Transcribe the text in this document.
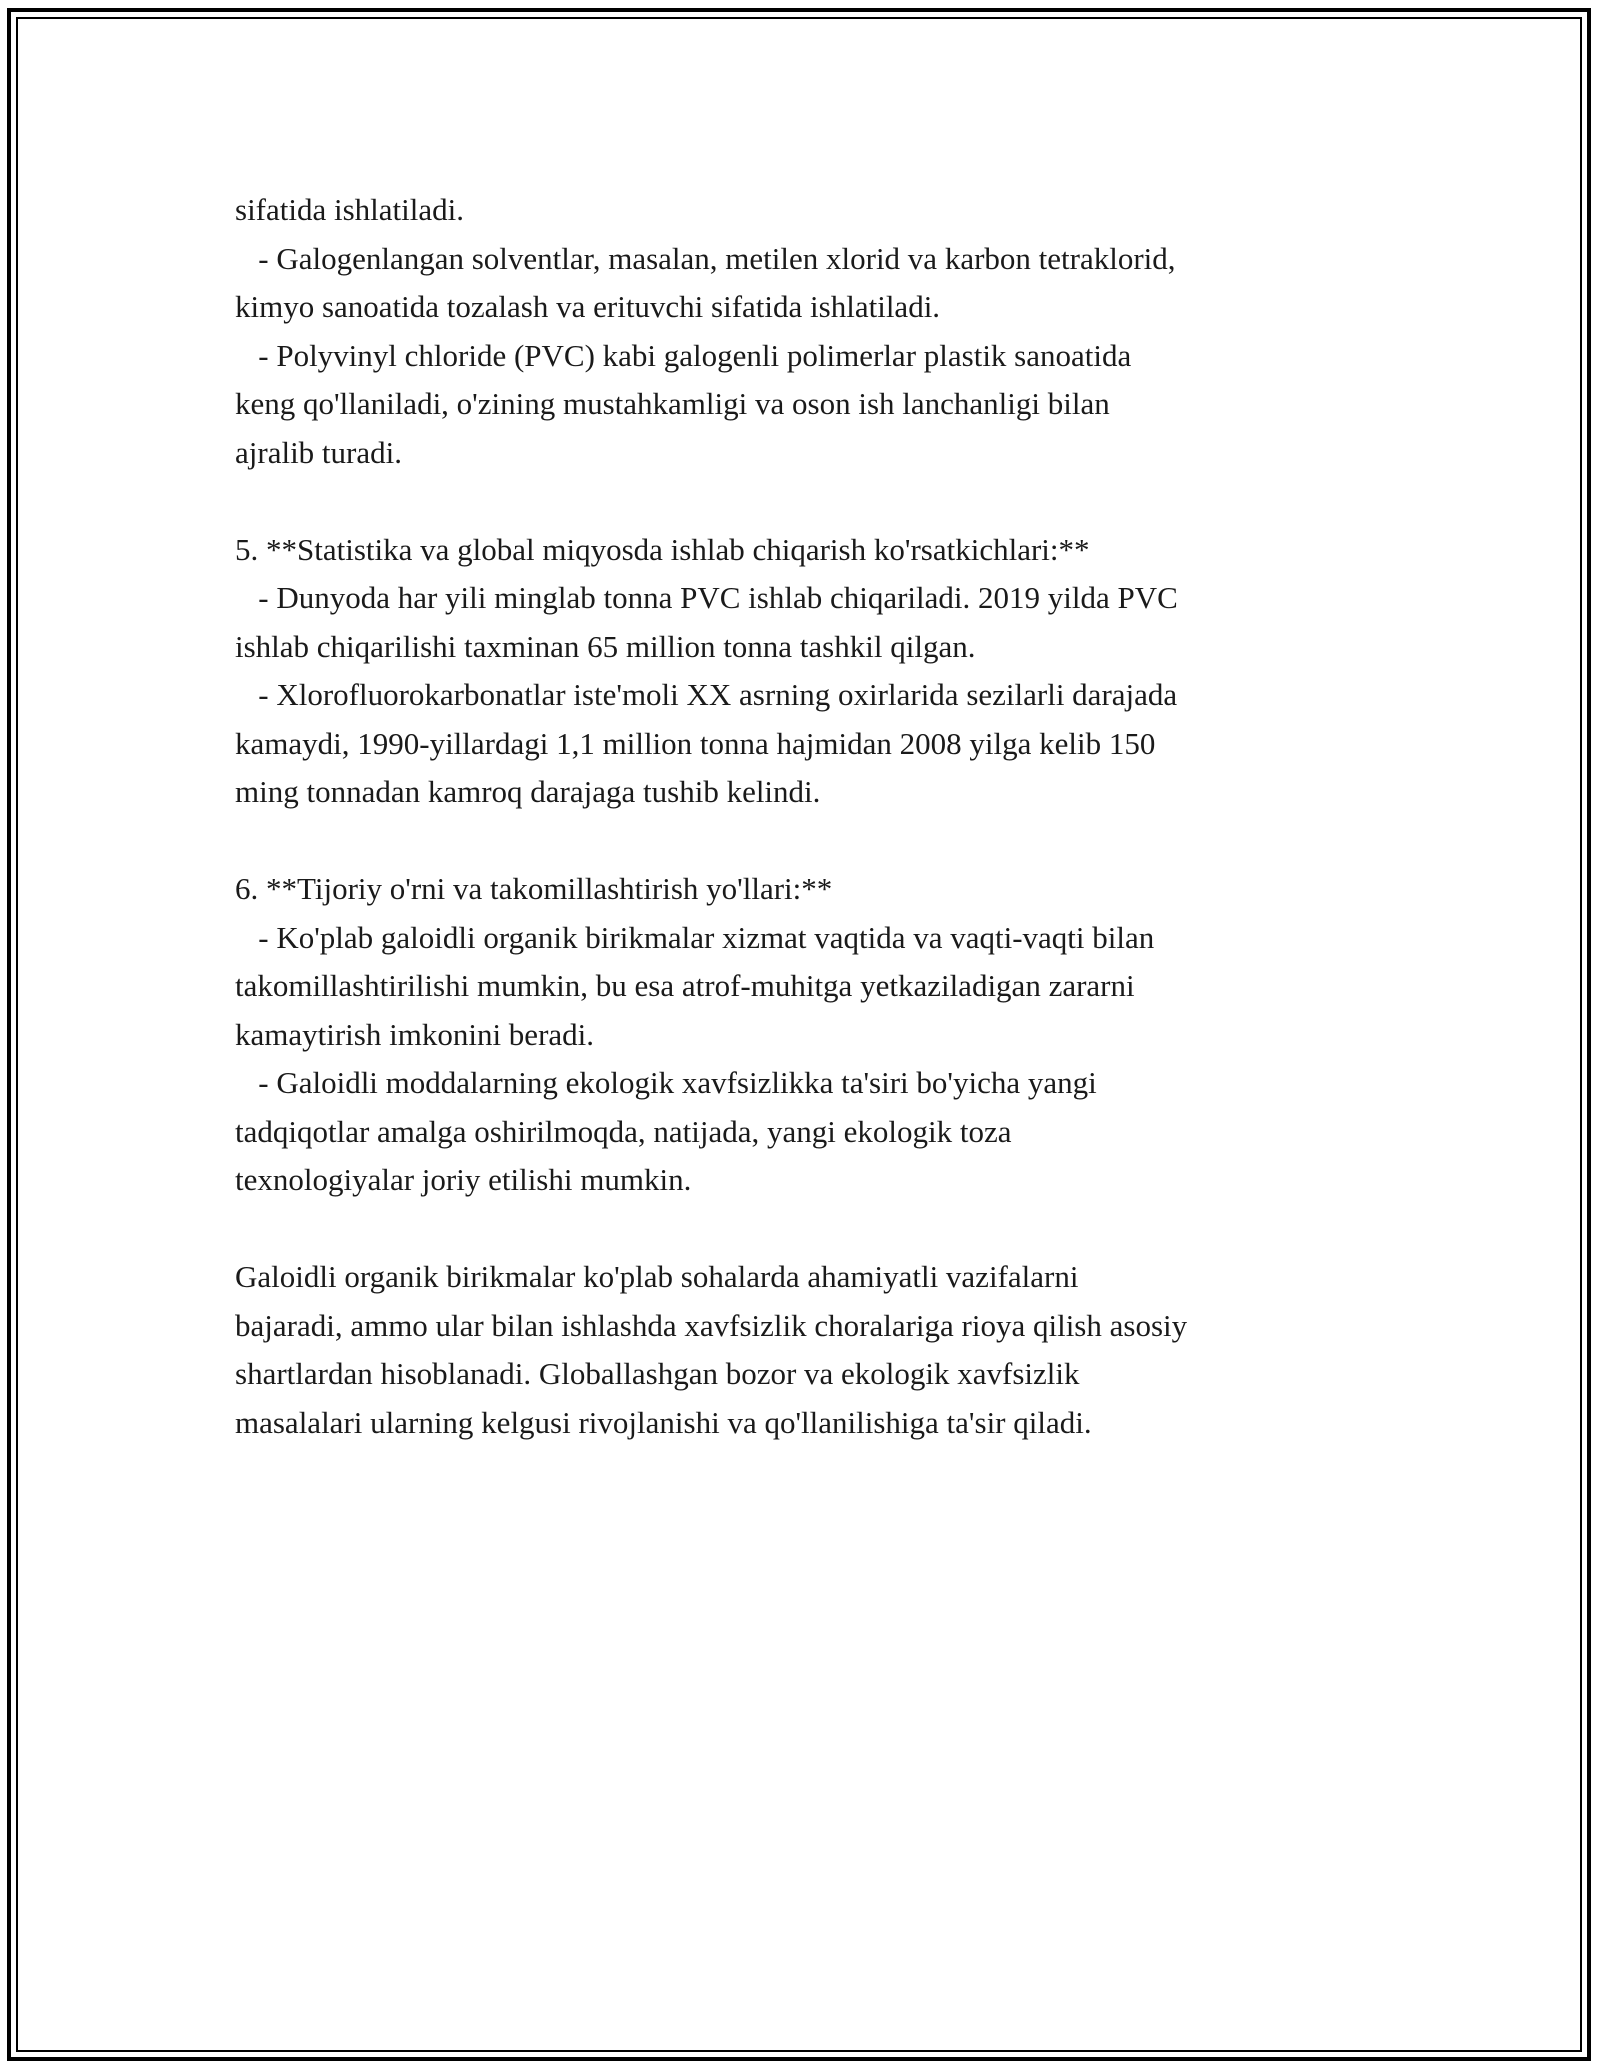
sifatida ishlatiladi.
- Galogenlangan solventlar, masalan, metilen xlorid va karbon tetraklorid,
kimyo sanoatida tozalash va erituvchi sifatida ishlatiladi.
- Polyvinyl chloride (PVC) kabi galogenli polimerlar plastik sanoatida
keng qo'llaniladi, o'zining mustahkamligi va oson ish lanchanligi bilan
ajralib turadi.
5. **Statistika va global miqyosda ishlab chiqarish ko'rsatkichlari:**
- Dunyoda har yili minglab tonna PVC ishlab chiqariladi. 2019 yilda PVC
ishlab chiqarilishi taxminan 65 million tonna tashkil qilgan.
- Xlorofluorokarbonatlar iste'moli XX asrning oxirlarida sezilarli darajada
kamaydi, 1990-yillardagi 1,1 million tonna hajmidan 2008 yilga kelib 150
ming tonnadan kamroq darajaga tushib kelindi.
6. **Tijoriy o'rni va takomillashtirish yo'llari:**
- Ko'plab galoidli organik birikmalar xizmat vaqtida va vaqti-vaqti bilan
takomillashtirilishi mumkin, bu esa atrof-muhitga yetkaziladigan zararni
kamaytirish imkonini beradi.
- Galoidli moddalarning ekologik xavfsizlikka ta'siri bo'yicha yangi
tadqiqotlar amalga oshirilmoqda, natijada, yangi ekologik toza
texnologiyalar joriy etilishi mumkin.
Galoidli organik birikmalar ko'plab sohalarda ahamiyatli vazifalarni
bajaradi, ammo ular bilan ishlashda xavfsizlik choralariga rioya qilish asosiy
shartlardan hisoblanadi. Globallashgan bozor va ekologik xavfsizlik
masalalari ularning kelgusi rivojlanishi va qo'llanilishiga ta'sir qiladi.
